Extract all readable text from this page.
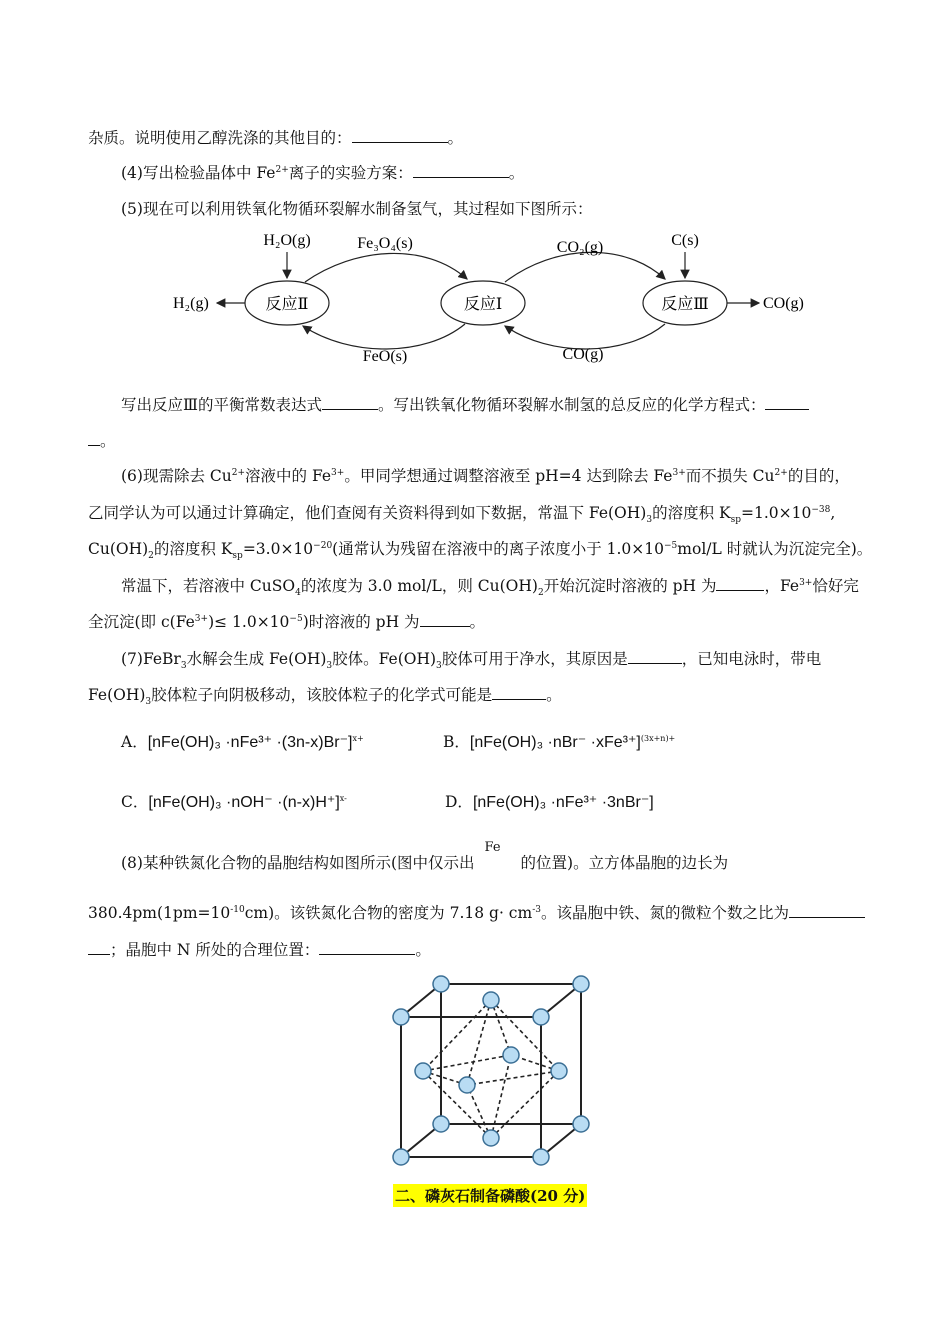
杂质。说明使用乙醇洗涤的其他目的：	。
(4)写出检验晶体中 $Fe^{2+}$离子的实验方案：	。
(5)现在可以利用铁氧化物循环裂解水制备氢气，其过程如下图所示：
反应Ⅱ	反应Ⅰ	反应Ⅲ
H₂O(g)
H₂(g)
Fe₃O₄(s)
FeO(s)
CO₂(g)
CO(g)
C(s)
CO(g)
写出反应Ⅲ的平衡常数表达式	。写出铁氧化物循环裂解水制氢的总反应的化学方程式：
。
(6)现需除去 $Cu^{2+}$溶液中的 $Fe^{3+}$。甲同学想通过调整溶液至 pH=4 达到除去 $Fe^{3+}$而不损失 $Cu^{2+}$的目的，
乙同学认为可以通过计算确定，他们查阅有关资料得到如下数据，常温下 $Fe(OH)_3$的溶度积 $K_{sp}=1.0\times 10^{-38}$,
$Cu(OH)_2$的溶度积 $K_{sp}=3.0\times 10^{-20}$(通常认为残留在溶液中的离子浓度小于 $1.0\times 10^{-5}mol/L$ 时就认为沉淀完全)。
常温下，若溶液中 CuSO$_4$的浓度为 3.0 mol/L，则 $Cu(OH)_2$开始沉淀时溶液的 pH 为	，$Fe^{3+}$恰好完
全沉淀(即 $c(Fe^{3+})\le 1.0\times 10^{-5}$)时溶液的 pH 为	。
(7)FeBr$_3$水解会生成 $Fe(OH)_3$胶体。$Fe(OH)_3$胶体可用于净水，其原因是	，已知电泳时，带电
$Fe(OH)_3$胶体粒子向阴极移动，该胶体粒子的化学式可能是	。
A．$[nFe(OH)_3 \cdot nFe^{3+} \cdot(3n-x)Br^-]^{x+}$	B．$[nFe(OH)_3 \cdot nBr^- \cdot xFe^{3+}]^{(3x+n)+}$
C．$[nFe(OH)_3 \cdot nOH^- \cdot(n-x)H^+]^{x-}$	D．[nFe(OH)₃ ·nFe³⁺ ·3nBr⁻]
(8)某种铁氮化合物的晶胞结构如图所示(图中仅示出
Fe
的位置)。立方体晶胞的边长为
$380.4pm(1pm=10^{-10}cm)$。该铁氮化合物的密度为 7.18 $g\cdot cm^{-3}$。该晶胞中铁、氮的微粒个数之比为
；晶胞中 N 所处的合理位置：	。
二、磷灰石制备磷酸(20 分)
